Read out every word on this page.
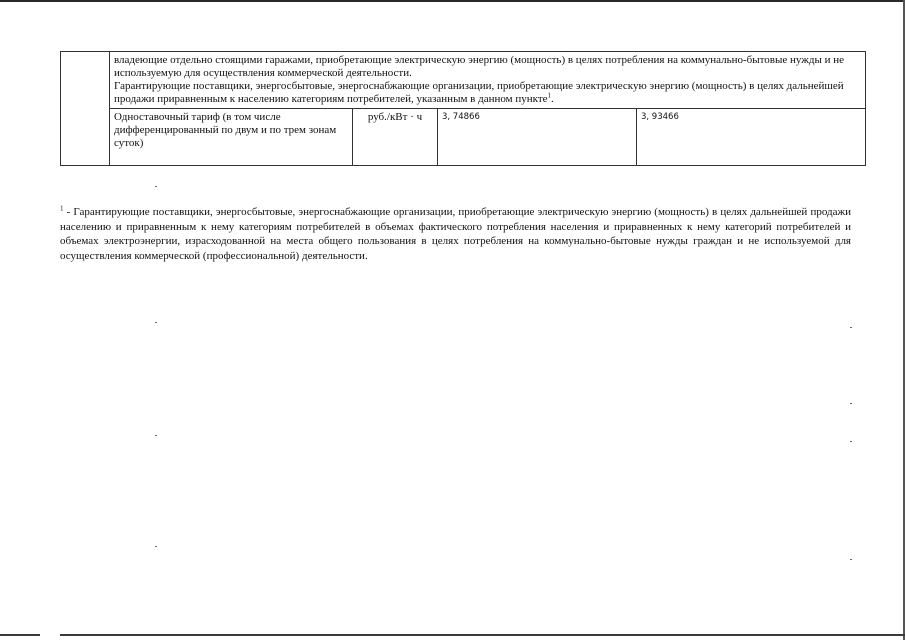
	владеющие отдельно стоящими гаражами, приобретающие электрическую энергию (мощность) в целях потребления на коммунально-бытовые нужды и не используемую для осуществления коммерческой деятельности.

Гарантирующие поставщики, энергосбытовые, энергоснабжающие организации, приобретающие электрическую энергию (мощность) в целях дальнейшей продажи приравненным к населению категориям потребителей, указанным в данном пункте$^1$.			

	Одноставочный тариф (в том числе дифференцированный по двум и по трем зонам суток)	руб./кВт · ч	3, 74866	3, 93466

$^1$ - Гарантирующие поставщики, энергосбытовые, энергоснабжающие организации, приобретающие электрическую энергию (мощность) в целях дальнейшей продажи населению и приравненным к нему категориям потребителей в объемах фактического потребления населения и приравненных к нему категорий потребителей и объемах электроэнергии, израсходованной на места общего пользования в целях потребления на коммунально-бытовые нужды граждан и не используемой для осуществления коммерческой (профессиональной) деятельности.
